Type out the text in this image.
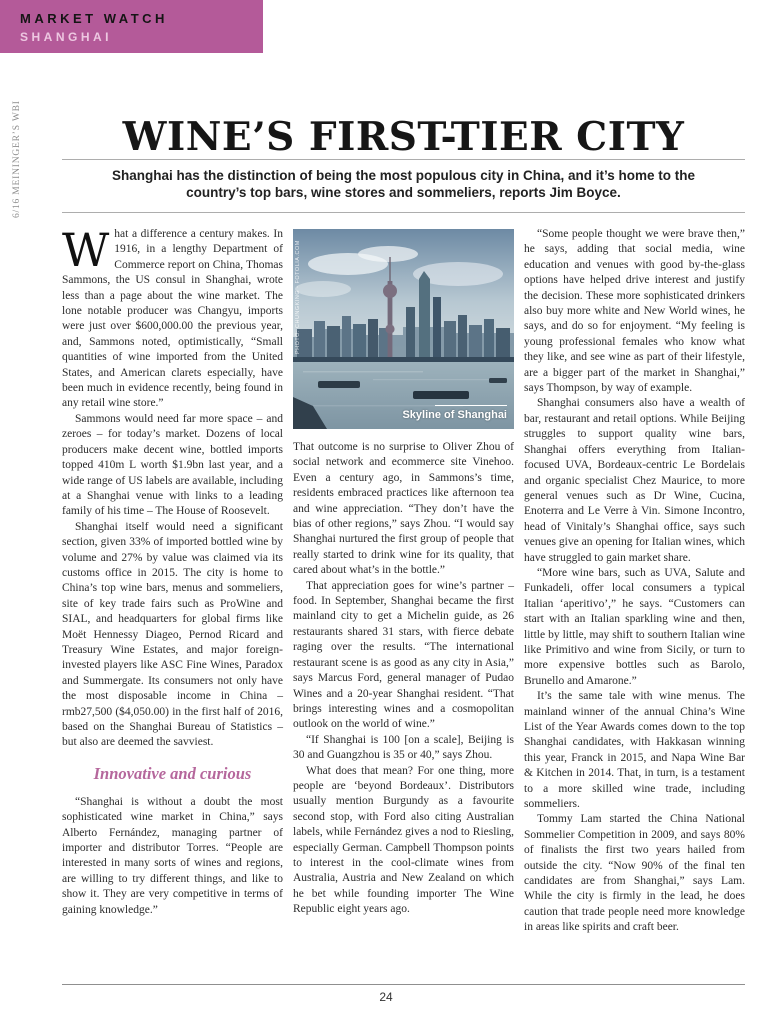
MARKET WATCH
SHANGHAI
6/16 MEININGER’S WBI	WINE’S FIRST-TIER CITY
Shanghai has the distinction of being the most populous city in China, and it’s home to the country’s top bars, wine stores and sommeliers, reports Jim Boyce.

What a difference a century makes. In 1916, in a lengthy Department of Commerce report on China, Thomas Sammons, the US consul in Shanghai, wrote less than a page about the wine market. The lone notable producer was Changyu, imports were just over $600,000.00 the previous year, and, Sammons noted, optimistically, “Small quantities of wine imported from the United States, and American clarets especially, have been much in evidence recently, being found in any retail wine store.”

Sammons would need far more space – and zeroes – for today’s market. Dozens of local producers make decent wine, bottled imports topped 410m L worth $1.9bn last year, and a wide range of US labels are available, including at a Shanghai venue with links to a leading family of his time – The House of Roosevelt.

Shanghai itself would need a significant section, given 33% of imported bottled wine by volume and 27% by value was claimed via its customs office in 2015. The city is home to China’s top wine bars, menus and sommeliers, site of key trade fairs such as ProWine and SIAL, and headquarters for global firms like Moët Hennessy Diageo, Pernod Ricard and Treasury Wine Estates, and major foreign-invested players like ASC Fine Wines, Paradox and Summergate. Its consumers not only have the most disposable income in China – rmb27,500 ($4,050.00) in the first half of 2016, based on the Shanghai Bureau of Statistics – but also are deemed the savviest.

Innovative and curious

“Shanghai is without a doubt the most sophisticated wine market in China,” says Alberto Fernández, managing partner of importer and distributor Torres. “People are interested in many sorts of wines and regions, are willing to try different things, and like to show it. They are very competitive in terms of gaining knowledge.”

PHOTO: CHUNGKING - FOTOLIA.COM
Skyline of Shanghai

That outcome is no surprise to Oliver Zhou of social network and ecommerce site Vinehoo. Even a century ago, in Sammons’s time, residents embraced practices like afternoon tea and wine appreciation. “They don’t have the bias of other regions,” says Zhou. “I would say Shanghai nurtured the first group of people that really started to drink wine for its quality, that cared about what’s in the bottle.”

That appreciation goes for wine’s partner – food. In September, Shanghai became the first mainland city to get a Michelin guide, as 26 restaurants shared 31 stars, with fierce debate raging over the results. “The international restaurant scene is as good as any city in Asia,” says Marcus Ford, general manager of Pudao Wines and a 20-year Shanghai resident. “That brings interesting wines and a cosmopolitan outlook on the world of wine.”

“If Shanghai is 100 [on a scale], Beijing is 30 and Guangzhou is 35 or 40,” says Zhou.

What does that mean? For one thing, more people are ‘beyond Bordeaux’. Distributors usually mention Burgundy as a favourite second stop, with Ford also citing Australian labels, while Fernández gives a nod to Riesling, especially German. Campbell Thompson points to interest in the cool-climate wines from Australia, Austria and New Zealand on which he bet while founding importer The Wine Republic eight years ago.

“Some people thought we were brave then,” he says, adding that social media, wine education and venues with good by-the-glass options have helped drive interest and justify the decision. These more sophisticated drinkers also buy more white and New World wines, he says, and do so for enjoyment. “My feeling is young professional females who know what they like, and see wine as part of their lifestyle, are a bigger part of the market in Shanghai,” says Thompson, by way of example.

Shanghai consumers also have a wealth of bar, restaurant and retail options. While Beijing struggles to support quality wine bars, Shanghai offers everything from Italian-focused UVA, Bordeaux-centric Le Bordelais and organic specialist Chez Maurice, to more general venues such as Dr Wine, Cucina, Enoterra and Le Verre à Vin. Simone Incontro, head of Vinitaly’s Shanghai office, says such venues give an opening for Italian wines, which have struggled to gain market share.

“More wine bars, such as UVA, Salute and Funkadeli, offer local consumers a typical Italian ‘aperitivo’,” he says. “Customers can start with an Italian sparkling wine and then, little by little, may shift to southern Italian wine like Primitivo and wine from Sicily, or turn to more expensive bottles such as Barolo, Brunello and Amarone.”

It’s the same tale with wine menus. The mainland winner of the annual China’s Wine List of the Year Awards comes down to the top Shanghai candidates, with Hakkasan winning this year, Franck in 2015, and Napa Wine Bar & Kitchen in 2014. That, in turn, is a testament to a more skilled wine trade, including sommeliers.

Tommy Lam started the China National Sommelier Competition in 2009, and says 80% of finalists the first two years hailed from outside the city. “Now 90% of the final ten candidates are from Shanghai,” says Lam. While the city is firmly in the lead, he does caution that trade people need more knowledge in areas like spirits and craft beer.

24
